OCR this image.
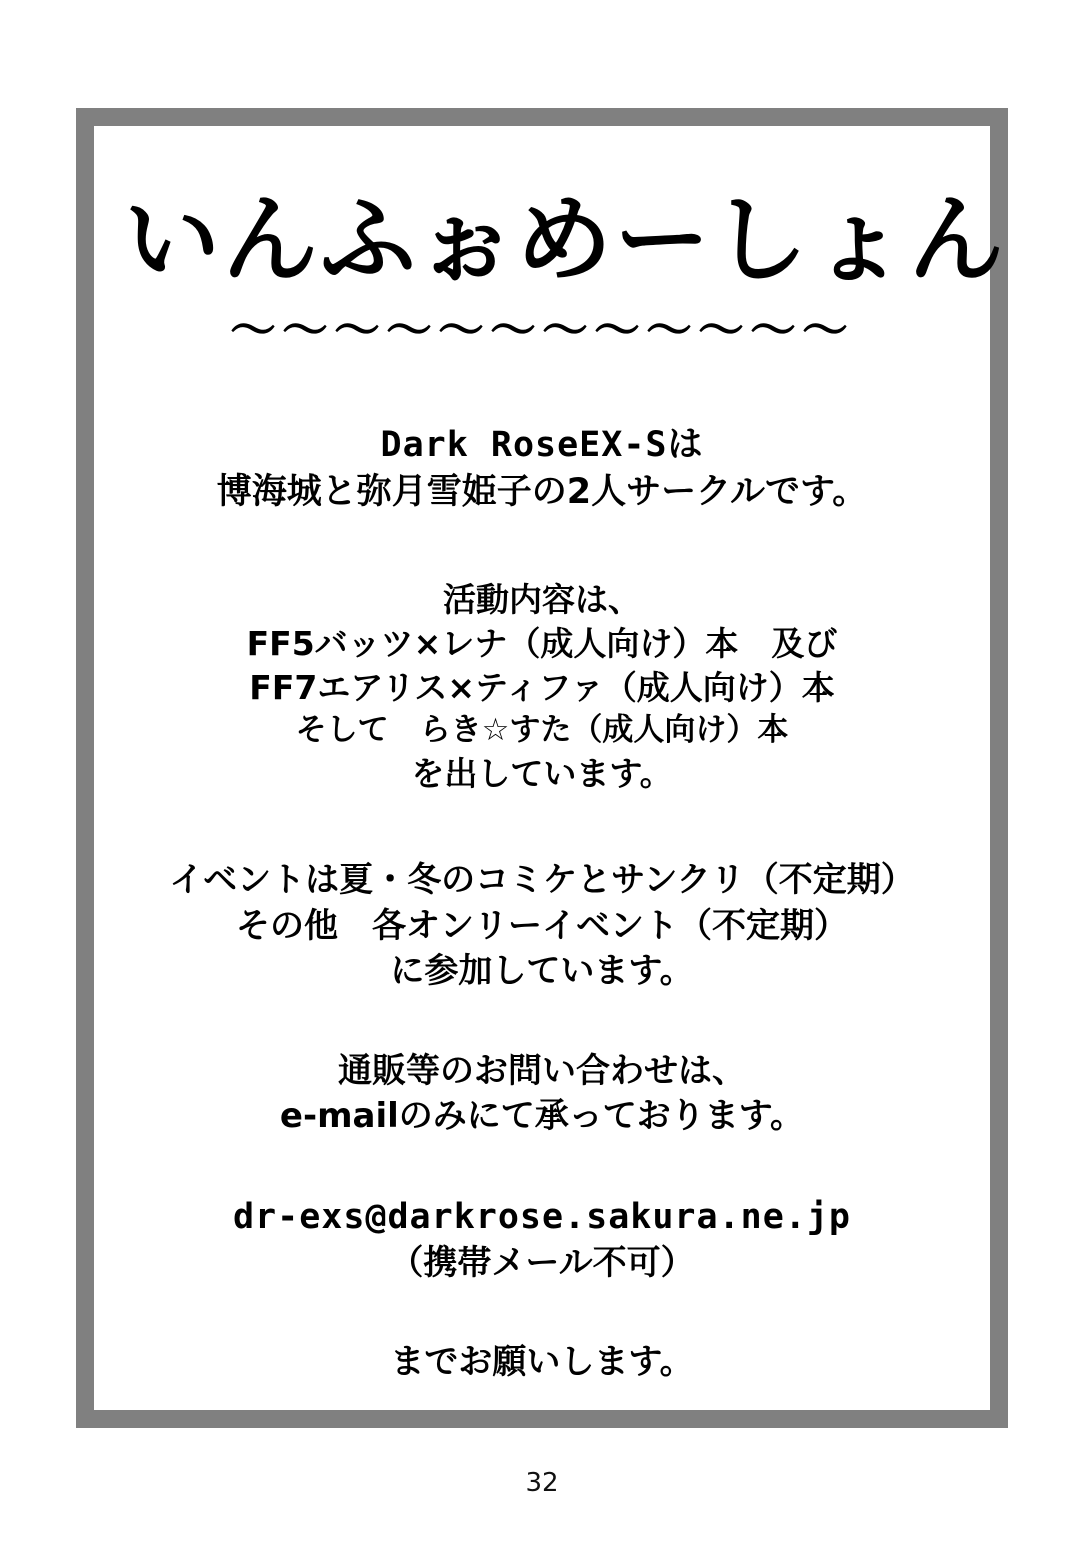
いんふぉめーしょん
〜〜〜〜〜〜〜〜〜〜〜〜
Dark RoseEX-Sは
博海城と弥月雪姫子の2人サークルです。
活動内容は、
FF5バッツ×レナ（成人向け）本　及び
FF7エアリス×ティファ（成人向け）本
そして　らき☆すた（成人向け）本
を出しています。
イベントは夏・冬のコミケとサンクリ（不定期）
その他　各オンリーイベント（不定期）
に参加しています。
通販等のお問い合わせは、
e-mailのみにて承っております。
dr-exs@darkrose.sakura.ne.jp
（携帯メール不可）
までお願いします。
32
